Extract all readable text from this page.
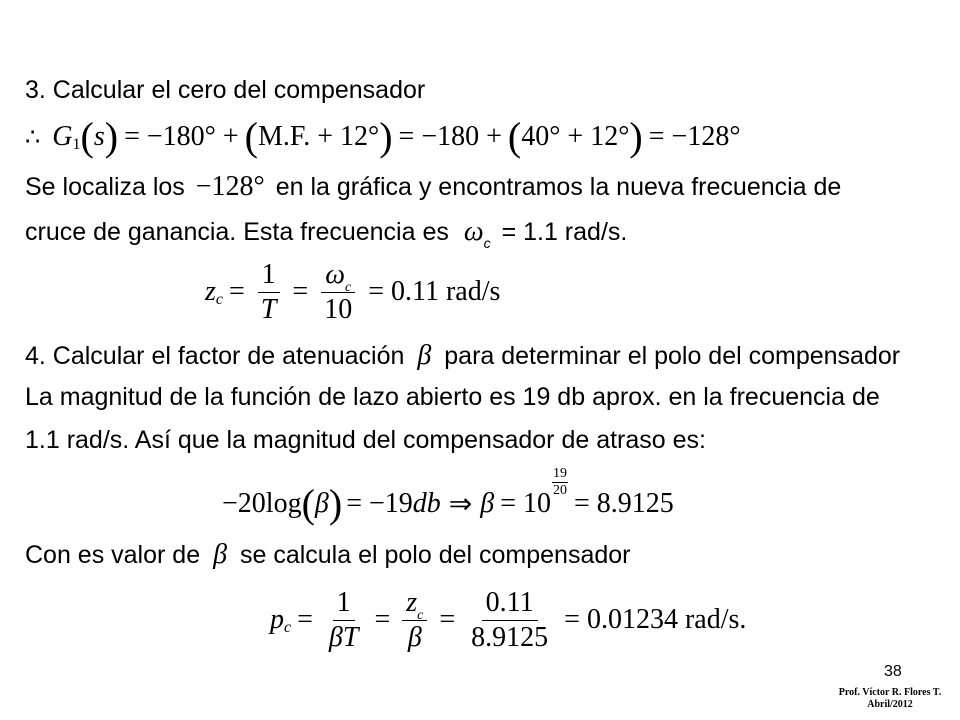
3. Calcular el cero del compensador
∴ G 1 ( s ) = −180° + ( M.F. + 12° ) = −180 + ( 40° + 12° ) = −128°
Se localiza los −128° en la gráfica y encontramos la nueva frecuencia de
cruce de ganancia. Esta frecuencia es $\omega_c = 1.1$ rad/s.
z $c = \frac{1}{T} = \frac{\omega_c}{10} = 0.11$ rad/s
4. Calcular el factor de atenuación β para determinar el polo del compensador
La magnitud de la función de lazo abierto es 19 db aprox. en la frecuencia de
1.1 rad/s. Así que la magnitud del compensador de atraso es:
−20log ( β ) = −19 db ⇒ β = 10
$\frac{19}{20}$
= 8.9125
Con es valor de β se calcula el polo del compensador
p $c = \frac{1}{\beta T} = \frac{z_c}{\beta} = \frac{0.11}{8.9125} = 0.01234$ rad/s.
38
Prof. Víctor R. Flores T.
Abril/2012
